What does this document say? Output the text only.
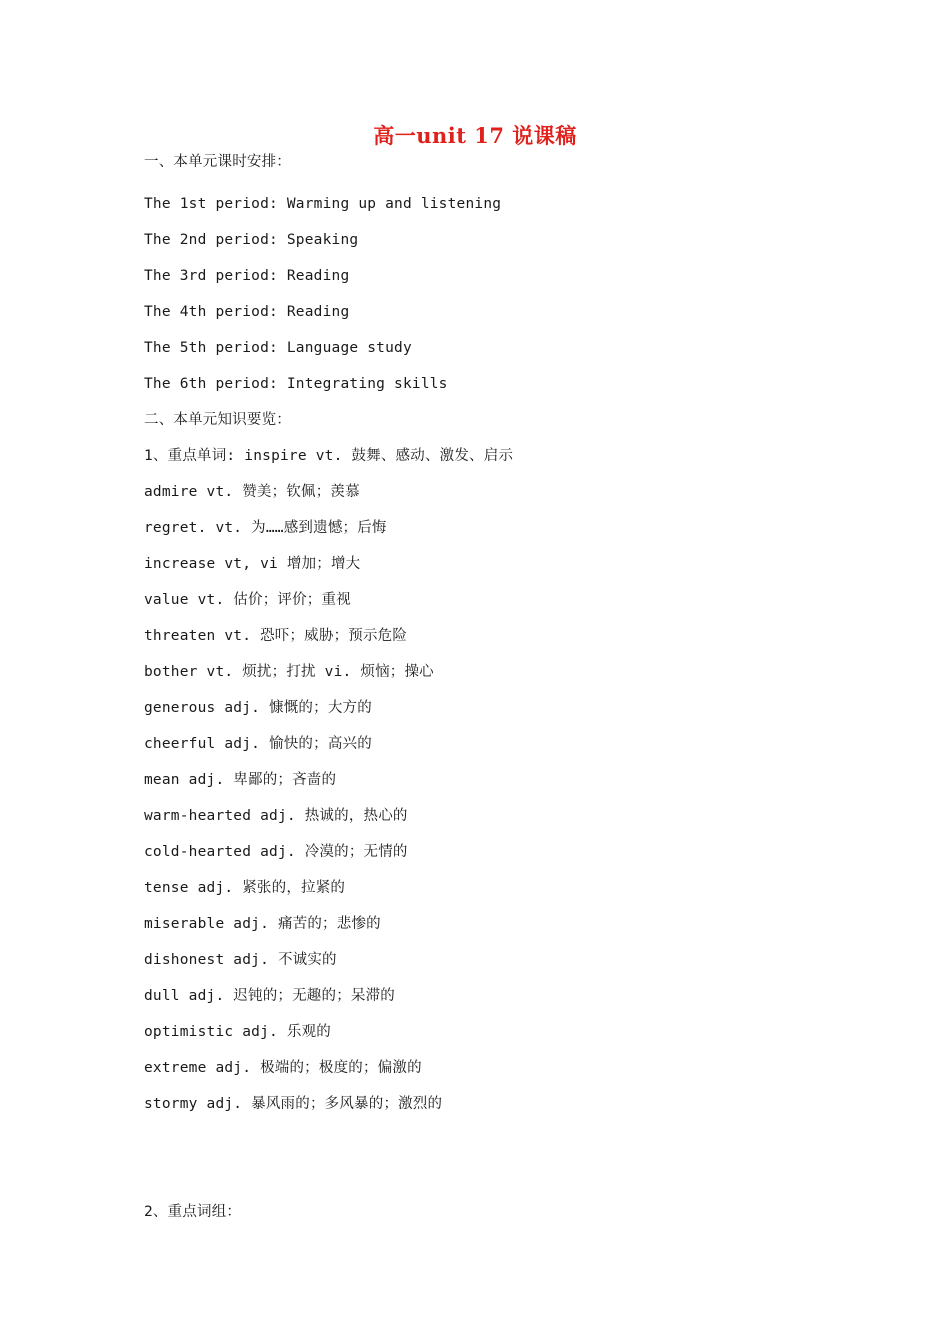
高一unit 17 说课稿
一、本单元课时安排：
The 1st period: Warming up and listening
The 2nd period: Speaking
The 3rd period: Reading
The 4th period: Reading
The 5th period: Language study
The 6th period: Integrating skills
二、本单元知识要览：
1、重点单词: inspire vt. 鼓舞、感动、激发、启示
admire vt. 赞美；钦佩；羡慕
regret. vt. 为……感到遗憾；后悔
increase vt, vi 增加；增大
value vt. 估价；评价；重视
threaten vt. 恐吓；威胁；预示危险
bother vt. 烦扰；打扰 vi. 烦恼；操心
generous adj. 慷慨的；大方的
cheerful adj. 愉快的；高兴的
mean adj. 卑鄙的；吝啬的
warm-hearted adj. 热诚的，热心的
cold-hearted adj. 冷漠的；无情的
tense adj. 紧张的，拉紧的
miserable adj. 痛苦的；悲惨的
dishonest adj. 不诚实的
dull adj. 迟钝的；无趣的；呆滞的
optimistic adj. 乐观的
extreme adj. 极端的；极度的；偏激的
stormy adj. 暴风雨的；多风暴的；激烈的
2、重点词组：
